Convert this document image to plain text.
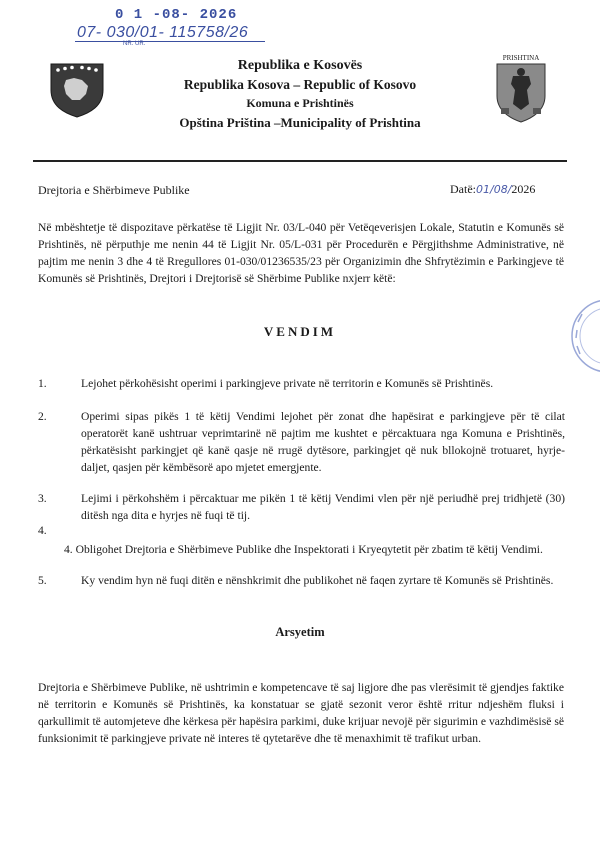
0 1 -08- 2026
07- 030/01- 115758/26
NR. UR.
Republika e Kosovës
Republika Kosova – Republic of Kosovo
Komuna e Prishtinës
Opština Priština –Municipality of Prishtina
PRISHTINA
Drejtoria e Shërbimeve Publike	Datë:01/08/2026
Në mbështetje të dispozitave përkatëse të Ligjit Nr. 03/L-040 për Vetëqeverisjen Lokale, Statutin e Komunës së Prishtinës, në përputhje me nenin 44 të Ligjit Nr. 05/L-031 për Procedurën e Përgjithshme Administrative, në pajtim me nenin 3 dhe 4 të Rregullores 01-030/01236535/23 për Organizimin dhe Shfrytëzimin e Parkingjeve të Komunës së Prishtinës, Drejtori i Drejtorisë së Shërbime Publike nxjerr këtë:
VENDIM
1.	Lejohet përkohësisht operimi i parkingjeve private në territorin e Komunës së Prishtinës.
2.	Operimi sipas pikës 1 të këtij Vendimi lejohet për zonat dhe hapësirat e parkingjeve për të cilat operatorët kanë ushtruar veprimtarinë në pajtim me kushtet e përcaktuara nga Komuna e Prishtinës, përkatësisht parkingjet që kanë qasje në rrugë dytësore, parkingjet që nuk bllokojnë trotuaret, hyrje-daljet, qasjen për këmbësorë apo mjetet emergjente.
3.	Lejimi i përkohshëm i përcaktuar me pikën 1 të këtij Vendimi vlen për një periudhë prej tridhjetë (30) ditësh nga dita e hyrjes në fuqi të tij.
4.
4. Obligohet Drejtoria e Shërbimeve Publike dhe Inspektorati i Kryeqytetit për zbatim të këtij Vendimi.
5.	Ky vendim hyn në fuqi ditën e nënshkrimit dhe publikohet në faqen zyrtare të Komunës së Prishtinës.
Arsyetim
Drejtoria e Shërbimeve Publike, në ushtrimin e kompetencave të saj ligjore dhe pas vlerësimit të gjendjes faktike në territorin e Komunës së Prishtinës, ka konstatuar se gjatë sezonit veror është rritur ndjeshëm fluksi i qarkullimit të automjeteve dhe kërkesa për hapësira parkimi, duke krijuar nevojë për sigurimin e vazhdimësisë së funksionimit të parkingjeve private në interes të qytetarëve dhe të menaxhimit të trafikut urban.
